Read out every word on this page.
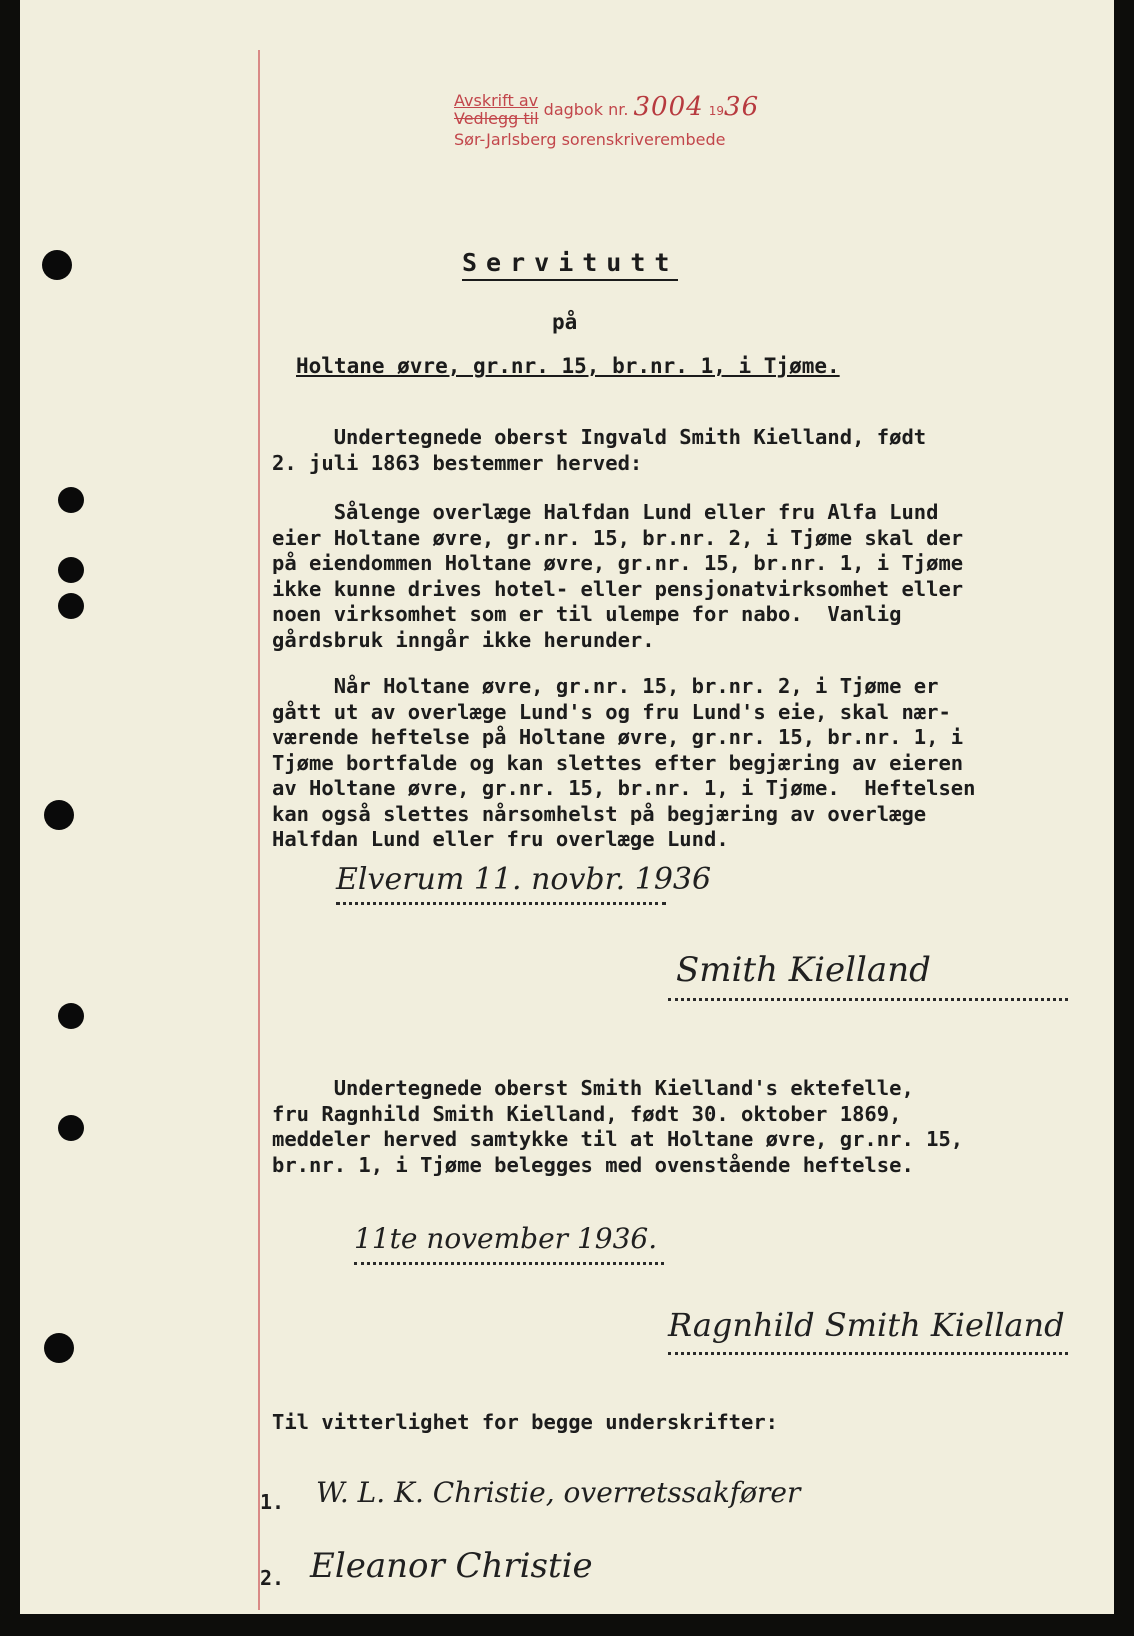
Avskrift av
Vedlegg til dagbok nr. 3004 1936
Sør-Jarlsberg sorenskriverembede
Servitutt
på
Holtane øvre, gr.nr. 15, br.nr. 1, i Tjøme.
Undertegnede oberst Ingvald Smith Kielland, født
2. juli 1863 bestemmer herved:
Sålenge overlæge Halfdan Lund eller fru Alfa Lund
eier Holtane øvre, gr.nr. 15, br.nr. 2, i Tjøme skal der
på eiendommen Holtane øvre, gr.nr. 15, br.nr. 1, i Tjøme
ikke kunne drives hotel- eller pensjonatvirksomhet eller
noen virksomhet som er til ulempe for nabo.  Vanlig
gårdsbruk inngår ikke herunder.
Når Holtane øvre, gr.nr. 15, br.nr. 2, i Tjøme er
gått ut av overlæge Lund's og fru Lund's eie, skal nær-
værende heftelse på Holtane øvre, gr.nr. 15, br.nr. 1, i
Tjøme bortfalde og kan slettes efter begjæring av eieren
av Holtane øvre, gr.nr. 15, br.nr. 1, i Tjøme.  Heftelsen
kan også slettes nårsomhelst på begjæring av overlæge
Halfdan Lund eller fru overlæge Lund.
Elverum 11. novbr. 1936
Smith Kielland
Undertegnede oberst Smith Kielland's ektefelle,
fru Ragnhild Smith Kielland, født 30. oktober 1869,
meddeler herved samtykke til at Holtane øvre, gr.nr. 15,
br.nr. 1, i Tjøme belegges med ovenstående heftelse.
11te november 1936.
Ragnhild Smith Kielland
Til vitterlighet for begge underskrifter:
1. W. L. K. Christie, overretssakfører
2. Eleanor Christie
